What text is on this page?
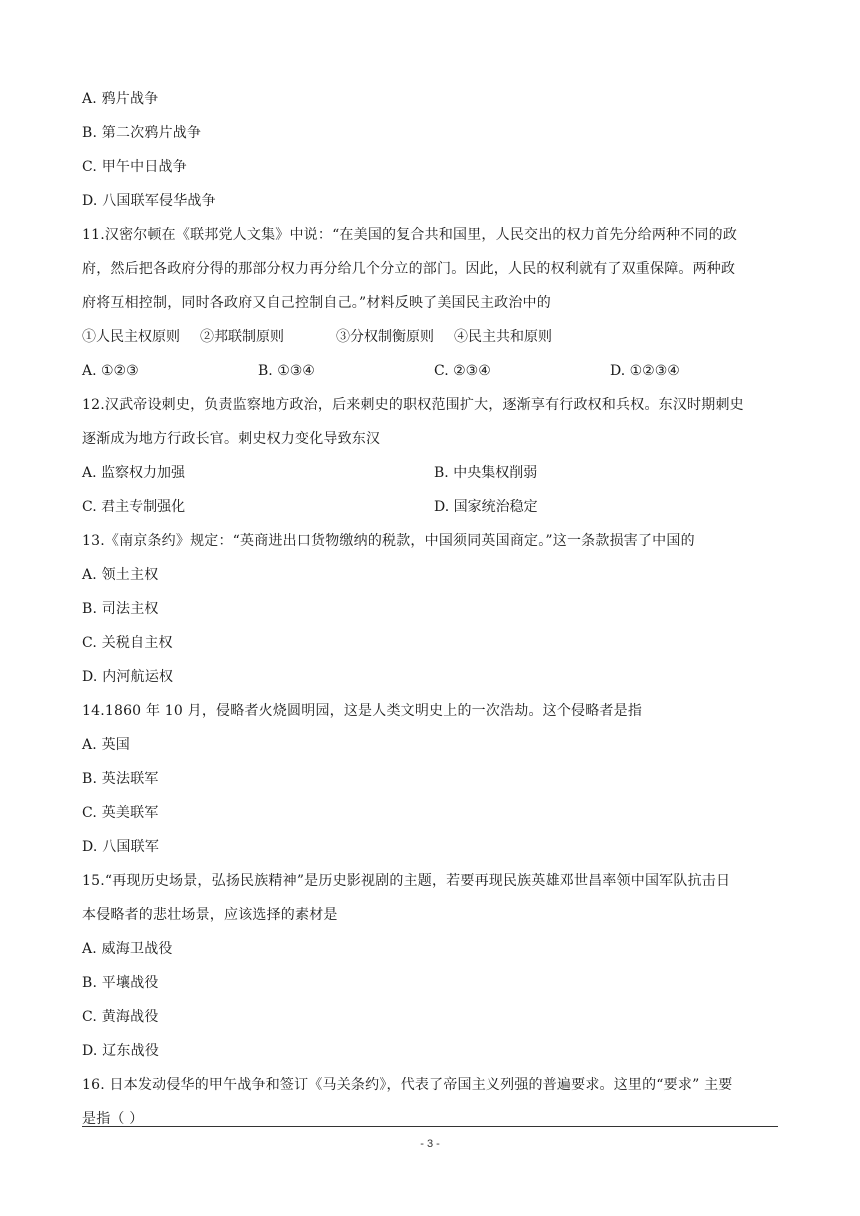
A. 鸦片战争
B. 第二次鸦片战争
C. 甲午中日战争
D. 八国联军侵华战争
11.汉密尔顿在《联邦党人文集》中说：“在美国的复合共和国里，人民交出的权力首先分给两种不同的政
府，然后把各政府分得的那部分权力再分给几个分立的部门。因此，人民的权利就有了双重保障。两种政
府将互相控制，同时各政府又自己控制自己。”材料反映了美国民主政治中的
①人民主权原则 ②邦联制原则	③分权制衡原则 ④民主共和原则
A. ①②③	B. ①③④	C. ②③④	D. ①②③④
12.汉武帝设刺史，负责监察地方政治，后来刺史的职权范围扩大，逐渐享有行政权和兵权。东汉时期刺史
逐渐成为地方行政长官。刺史权力变化导致东汉
A. 监察权力加强	B. 中央集权削弱
C. 君主专制强化	D. 国家统治稳定
13.《南京条约》规定：“英商进出口货物缴纳的税款，中国须同英国商定。”这一条款损害了中国的
A. 领土主权
B. 司法主权
C. 关税自主权
D. 内河航运权
14.1860 年 10 月，侵略者火烧圆明园，这是人类文明史上的一次浩劫。这个侵略者是指
A. 英国
B. 英法联军
C. 英美联军
D. 八国联军
15.“再现历史场景，弘扬民族精神”是历史影视剧的主题，若要再现民族英雄邓世昌率领中国军队抗击日
本侵略者的悲壮场景，应该选择的素材是
A. 威海卫战役
B. 平壤战役
C. 黄海战役
D. 辽东战役
16. 日本发动侵华的甲午战争和签订《马关条约》，代表了帝国主义列强的普遍要求。这里的“要求” 主要
是指（ ）
- 3 -
